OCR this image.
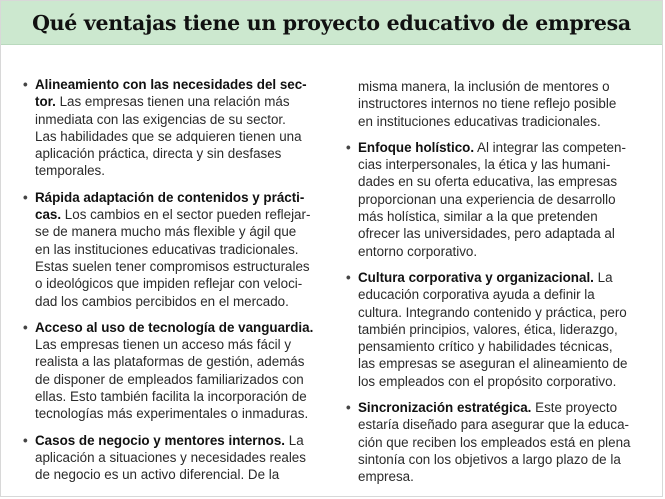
Qué ventajas tiene un proyecto educativo de empresa

• Alineamiento con las necesidades del sec-
tor. Las empresas tienen una relación más
inmediata con las exigencias de su sector.
Las habilidades que se adquieren tienen una
aplicación práctica, directa y sin desfases
temporales.

• Rápida adaptación de contenidos y prácti-
cas. Los cambios en el sector pueden reflejar-
se de manera mucho más flexible y ágil que
en las instituciones educativas tradicionales.
Estas suelen tener compromisos estructurales
o ideológicos que impiden reflejar con veloci-
dad los cambios percibidos en el mercado.

• Acceso al uso de tecnología de vanguardia.
Las empresas tienen un acceso más fácil y
realista a las plataformas de gestión, además
de disponer de empleados familiarizados con
ellas. Esto también facilita la incorporación de
tecnologías más experimentales o inmaduras.

• Casos de negocio y mentores internos. La
aplicación a situaciones y necesidades reales
de negocio es un activo diferencial. De la

misma manera, la inclusión de mentores o
instructores internos no tiene reflejo posible
en instituciones educativas tradicionales.

• Enfoque holístico. Al integrar las competen-
cias interpersonales, la ética y las humani-
dades en su oferta educativa, las empresas
proporcionan una experiencia de desarrollo
más holística, similar a la que pretenden
ofrecer las universidades, pero adaptada al
entorno corporativo.

• Cultura corporativa y organizacional. La
educación corporativa ayuda a definir la
cultura. Integrando contenido y práctica, pero
también principios, valores, ética, liderazgo,
pensamiento crítico y habilidades técnicas,
las empresas se aseguran el alineamiento de
los empleados con el propósito corporativo.

• Sincronización estratégica. Este proyecto
estaría diseñado para asegurar que la educa-
ción que reciben los empleados está en plena
sintonía con los objetivos a largo plazo de la
empresa.
